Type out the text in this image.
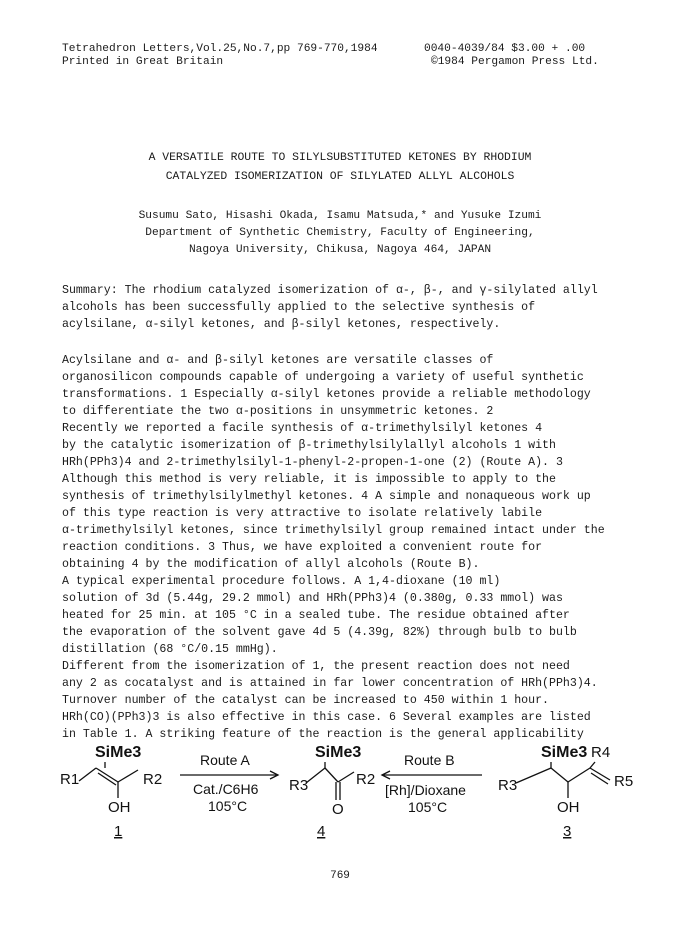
Tetrahedron Letters,Vol.25,No.7,pp 769-770,1984
Printed in Great Britain
0040-4039/84 $3.00 + .00
©1984 Pergamon Press Ltd.
A VERSATILE ROUTE TO SILYLSUBSTITUTED KETONES BY RHODIUM
CATALYZED ISOMERIZATION OF SILYLATED ALLYL ALCOHOLS
Susumu Sato, Hisashi Okada, Isamu Matsuda,* and Yusuke Izumi
Department of Synthetic Chemistry, Faculty of Engineering,
Nagoya University, Chikusa, Nagoya 464, JAPAN
Summary: The rhodium catalyzed isomerization of α-, β-, and γ-silylated allyl
alcohols has been successfully applied to the selective synthesis of
acylsilane, α-silyl ketones, and β-silyl ketones, respectively.
Acylsilane and α- and β-silyl ketones are versatile classes of
organosilicon compounds capable of undergoing a variety of useful synthetic
transformations. 1 Especially α-silyl ketones provide a reliable methodology
to differentiate the two α-positions in unsymmetric ketones. 2
Recently we reported a facile synthesis of α-trimethylsilyl ketones 4
by the catalytic isomerization of β-trimethylsilylallyl alcohols 1 with
HRh(PPh3)4 and 2-trimethylsilyl-1-phenyl-2-propen-1-one (2) (Route A). 3
Although this method is very reliable, it is impossible to apply to the
synthesis of trimethylsilylmethyl ketones. 4 A simple and nonaqueous work up
of this type reaction is very attractive to isolate relatively labile
α-trimethylsilyl ketones, since trimethylsilyl group remained intact under the
reaction conditions. 3 Thus, we have exploited a convenient route for
obtaining 4 by the modification of allyl alcohols (Route B).
A typical experimental procedure follows. A 1,4-dioxane (10 ml)
solution of 3d (5.44g, 29.2 mmol) and HRh(PPh3)4 (0.380g, 0.33 mmol) was
heated for 25 min. at 105 °C in a sealed tube. The residue obtained after
the evaporation of the solvent gave 4d 5 (4.39g, 82%) through bulb to bulb
distillation (68 °C/0.15 mmHg).
Different from the isomerization of 1, the present reaction does not need
any 2 as cocatalyst and is attained in far lower concentration of HRh(PPh3)4.
Turnover number of the catalyst can be increased to 450 within 1 hour.
HRh(CO)(PPh3)3 is also effective in this case. 6 Several examples are listed
in Table 1. A striking feature of the reaction is the general applicability
SiMe3
R1	R2
OH
1
Route A
Cat./C6H6
105°C
SiMe3
R3	R2
O
4
Route B
[Rh]/Dioxane
105°C
SiMe3 R4
R3	R5
OH
3
769
